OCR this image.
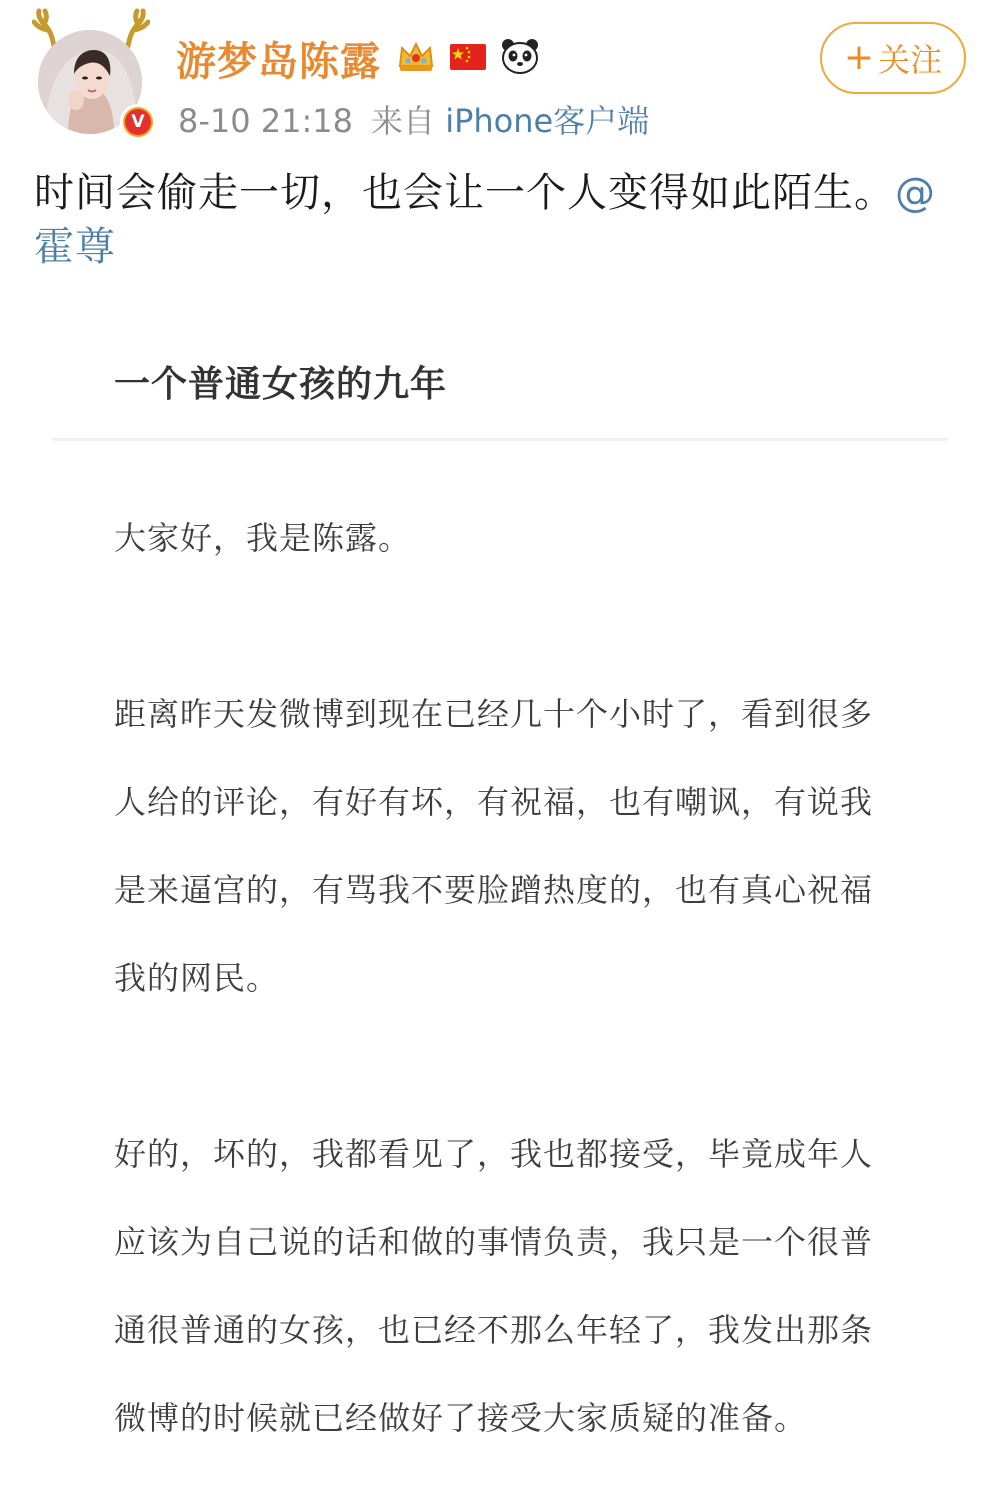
V
游梦岛陈露
8-10 21:18 来自 iPhone客户端
+ 关注
时间会偷走一切，也会让一个人变得如此陌生。@霍尊
一个普通女孩的九年

大家好，我是陈露。

距离昨天发微博到现在已经几十个小时了，看到很多人给的评论，有好有坏，有祝福，也有嘲讽，有说我是来逼宫的，有骂我不要脸蹭热度的，也有真心祝福我的网民。

好的，坏的，我都看见了，我也都接受，毕竟成年人应该为自己说的话和做的事情负责，我只是一个很普通很普通的女孩，也已经不那么年轻了，我发出那条微博的时候就已经做好了接受大家质疑的准备。
